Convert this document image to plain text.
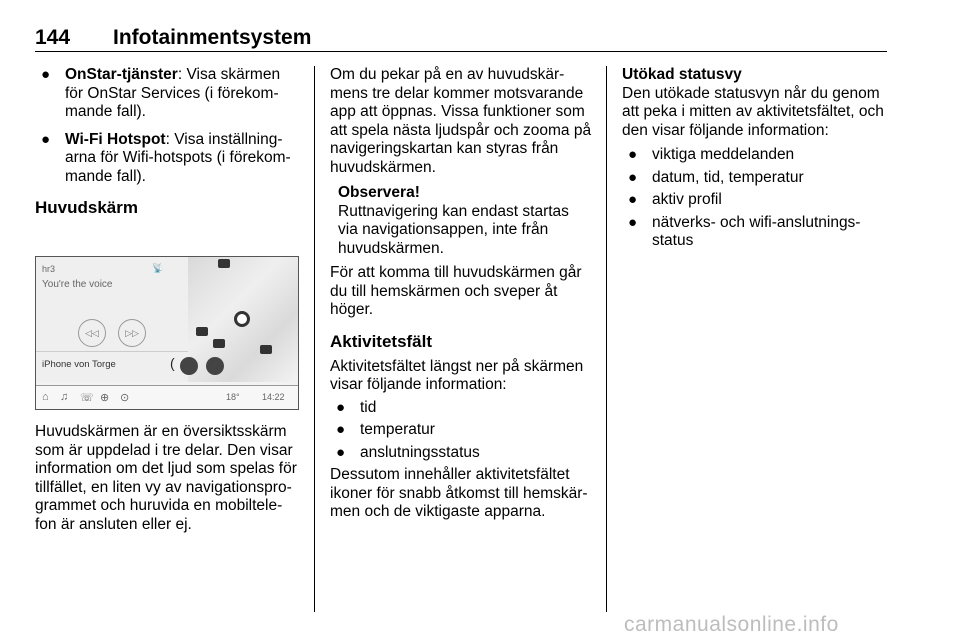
144 Infotainmentsystem
● OnStar-tjänster: Visa skärmen för OnStar Services (i förekom-mande fall).
● Wi-Fi Hotspot: Visa inställning-arna för Wifi-hotspots (i förekom-mande fall).
Huvudskärm
hr3
You're the voice
📡
◁◁	▷▷
iPhone von Torge	(
⌂ ♫ ☏ ⊕ ⊙	18° 14:22

Huvudskärmen är en översiktsskärm som är uppdelad i tre delar. Den visar information om det ljud som spelas för tillfället, en liten vy av navigationspro-grammet och huruvida en mobiltele-fon är ansluten eller ej.

Om du pekar på en av huvudskär-mens tre delar kommer motsvarande app att öppnas. Vissa funktioner som att spela nästa ljudspår och zooma på navigeringskartan kan styras från huvudskärmen.

Observera!

Ruttnavigering kan endast startas via navigationsappen, inte från huvudskärmen.

För att komma till huvudskärmen går du till hemskärmen och sveper åt höger.

Aktivitetsfält

Aktivitetsfältet längst ner på skärmen visar följande information:

● tid
● temperatur
● anslutningsstatus

Dessutom innehåller aktivitetsfältet ikoner för snabb åtkomst till hemskär-men och de viktigaste apparna.

Utökad statusvy

Den utökade statusvyn når du genom att peka i mitten av aktivitetsfältet, och den visar följande information:

● viktiga meddelanden
● datum, tid, temperatur
● aktiv profil
● nätverks- och wifi-anslutnings-status
carmanualsonline.info
